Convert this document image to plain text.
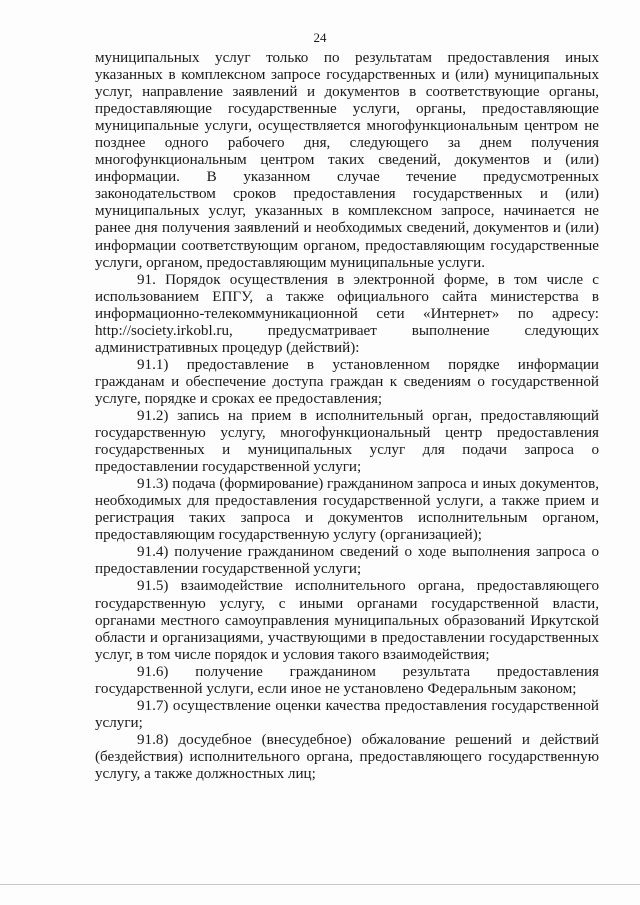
24

муниципальных услуг только по результатам предоставления иных указанных в комплексном запросе государственных и (или) муниципальных услуг, направление заявлений и документов в соответствующие органы, предоставляющие государственные услуги, органы, предоставляющие муниципальные услуги, осуществляется многофункциональным центром не позднее одного рабочего дня, следующего за днем получения многофункциональным центром таких сведений, документов и (или) информации. В указанном случае течение предусмотренных законодательством сроков предоставления государственных и (или) муниципальных услуг, указанных в комплексном запросе, начинается не ранее дня получения заявлений и необходимых сведений, документов и (или) информации соответствующим органом, предоставляющим государственные услуги, органом, предоставляющим муниципальные услуги.

91. Порядок осуществления в электронной форме, в том числе с использованием ЕПГУ, а также официального сайта министерства в информационно-телекоммуникационной сети «Интернет» по адресу: http://society.irkobl.ru, предусматривает выполнение следующих административных процедур (действий):

91.1) предоставление в установленном порядке информации гражданам и обеспечение доступа граждан к сведениям о государственной услуге, порядке и сроках ее предоставления;

91.2) запись на прием в исполнительный орган, предоставляющий государственную услугу, многофункциональный центр предоставления государственных и муниципальных услуг для подачи запроса о предоставлении государственной услуги;

91.3) подача (формирование) гражданином запроса и иных документов, необходимых для предоставления государственной услуги, а также прием и регистрация таких запроса и документов исполнительным органом, предоставляющим государственную услугу (организацией);

91.4) получение гражданином сведений о ходе выполнения запроса о предоставлении государственной услуги;

91.5) взаимодействие исполнительного органа, предоставляющего государственную услугу, с иными органами государственной власти, органами местного самоуправления муниципальных образований Иркутской области и организациями, участвующими в предоставлении государственных услуг, в том числе порядок и условия такого взаимодействия;

91.6) получение гражданином результата предоставления государственной услуги, если иное не установлено Федеральным законом;

91.7) осуществление оценки качества предоставления государственной услуги;

91.8) досудебное (внесудебное) обжалование решений и действий (бездействия) исполнительного органа, предоставляющего государственную услугу, а также должностных лиц;
